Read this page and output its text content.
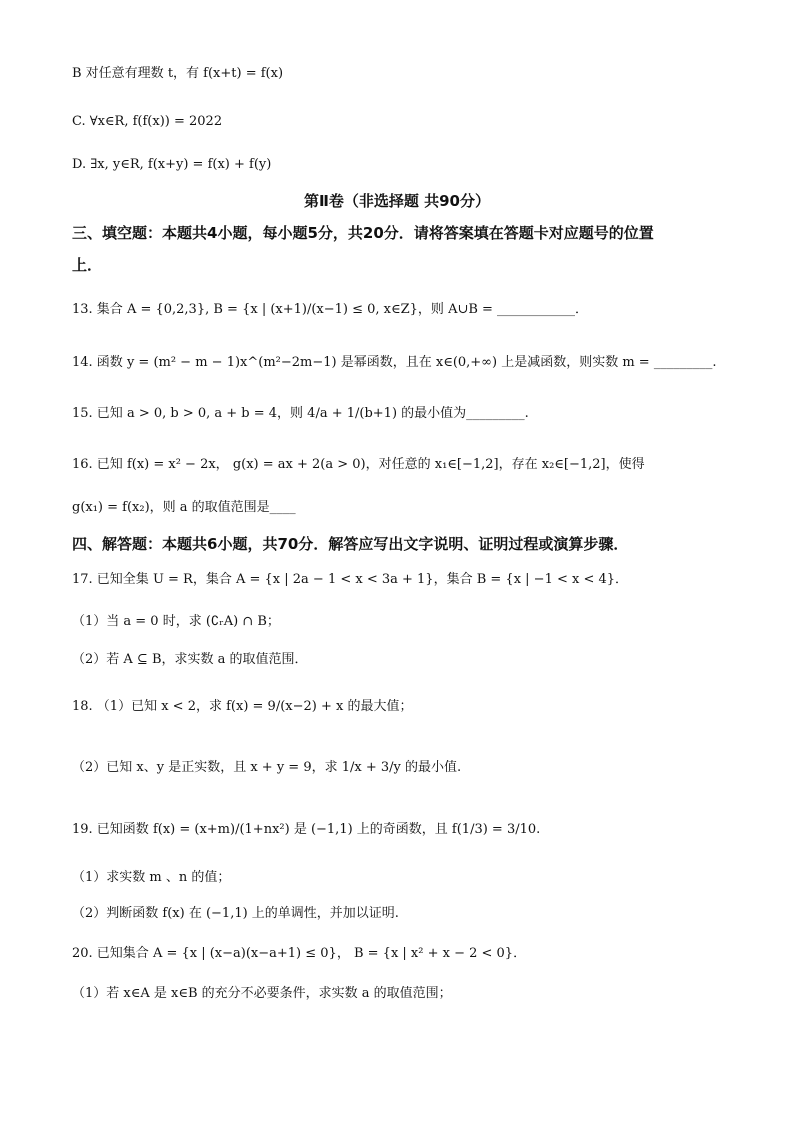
B 对任意有理数 t，有 f(x+t) = f(x)
C. ∀x∈R, f(f(x)) = 2022
D. ∃x, y∈R, f(x+y) = f(x) + f(y)
第Ⅱ卷（非选择题 共90分）
三、填空题：本题共4小题，每小题5分，共20分．请将答案填在答题卡对应题号的位置
上．
13. 集合 A = {0,2,3}, B = {x | (x+1)/(x−1) ≤ 0, x∈Z}，则 A∪B = ____________．
14. 函数 y = (m² − m − 1)x^(m²−2m−1) 是幂函数，且在 x∈(0,+∞) 上是减函数，则实数 m = _________.
15. 已知 a > 0, b > 0, a + b = 4，则 4/a + 1/(b+1) 的最小值为_________.
16. 已知 f(x) = x² − 2x， g(x) = ax + 2(a > 0)，对任意的 x₁∈[−1,2]，存在 x₂∈[−1,2]，使得
g(x₁) = f(x₂)，则 a 的取值范围是____
四、解答题：本题共6小题，共70分．解答应写出文字说明、证明过程或演算步骤．
17. 已知全集 U = R，集合 A = {x | 2a − 1 < x < 3a + 1}，集合 B = {x | −1 < x < 4}．
（1）当 a = 0 时，求 (∁ᵣA) ∩ B；
（2）若 A ⊆ B，求实数 a 的取值范围．
18. （1）已知 x < 2，求 f(x) = 9/(x−2) + x 的最大值；
（2）已知 x、y 是正实数，且 x + y = 9，求 1/x + 3/y 的最小值.
19. 已知函数 f(x) = (x+m)/(1+nx²) 是 (−1,1) 上的奇函数，且 f(1/3) = 3/10.
（1）求实数 m 、n 的值；
（2）判断函数 f(x) 在 (−1,1) 上的单调性，并加以证明.
20. 已知集合 A = {x | (x−a)(x−a+1) ≤ 0}， B = {x | x² + x − 2 < 0}．
（1）若 x∈A 是 x∈B 的充分不必要条件，求实数 a 的取值范围；
